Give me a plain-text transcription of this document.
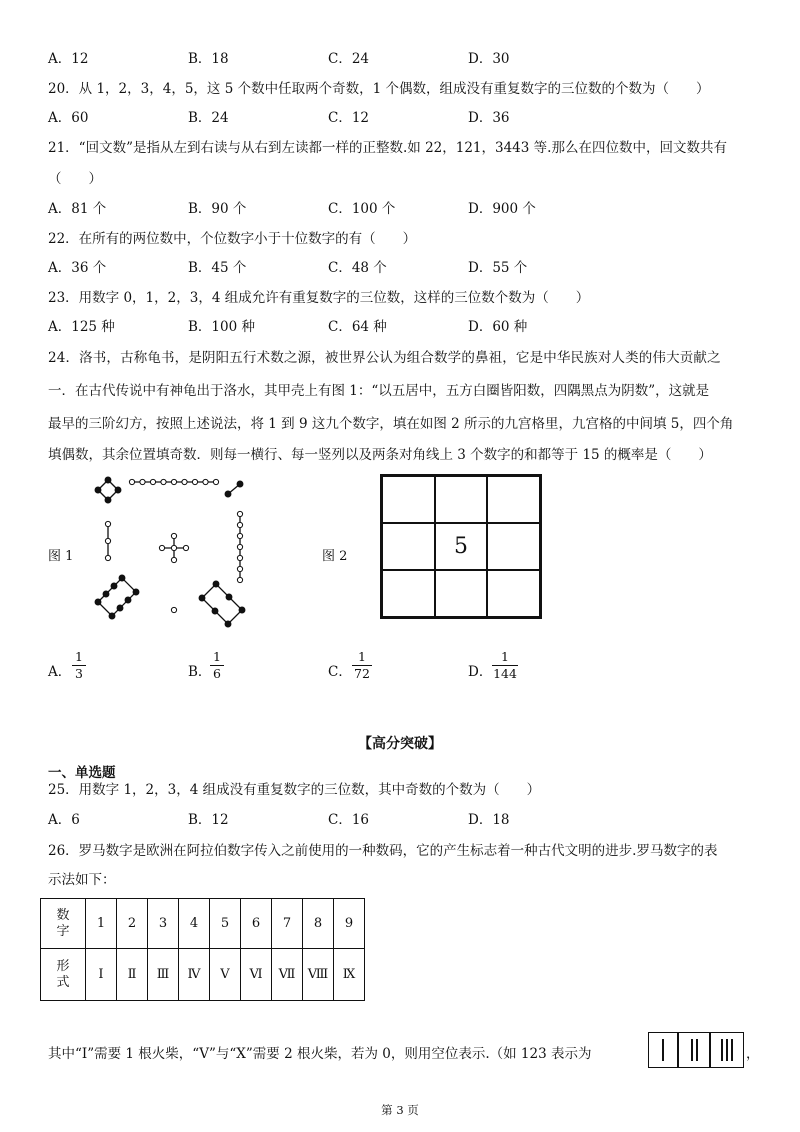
A．12	B．18	C．24	D．30
20．从 1，2，3，4，5，这 5 个数中任取两个奇数，1 个偶数，组成没有重复数字的三位数的个数为（　　）
A．60	B．24	C．12	D．36
21．“回文数”是指从左到右读与从右到左读都一样的正整数.如 22，121，3443 等.那么在四位数中，回文数共有
（　　）
A．81 个	B．90 个	C．100 个	D．900 个
22．在所有的两位数中，个位数字小于十位数字的有（　　）
A．36 个	B．45 个	C．48 个	D．55 个
23．用数字 0，1，2，3，4 组成允许有重复数字的三位数，这样的三位数个数为（　　）
A．125 种	B．100 种	C．64 种	D．60 种
24．洛书，古称龟书，是阴阳五行术数之源，被世界公认为组合数学的鼻祖，它是中华民族对人类的伟大贡献之
一．在古代传说中有神龟出于洛水，其甲壳上有图 1：“以五居中，五方白圈皆阳数，四隅黑点为阴数”，这就是
最早的三阶幻方，按照上述说法，将 1 到 9 这九个数字，填在如图 2 所示的九宫格里，九宫格的中间填 5，四个角
填偶数，其余位置填奇数．则每一横行、每一竖列以及两条对角线上 3 个数字的和都等于 15 的概率是（　　）
图 1	图 2	5
A．
1
3	B．
1
6	C．
1
72	D．
1
144
【高分突破】
一、单选题
25．用数字 1，2，3，4 组成没有重复数字的三位数，其中奇数的个数为（　　）
A．6	B．12	C．16	D．18
26．罗马数字是欧洲在阿拉伯数字传入之前使用的一种数码，它的产生标志着一种古代文明的进步.罗马数字的表
示法如下：
数
字	1	2	3	4	5	6	7	8	9

形
式	Ⅰ	Ⅱ	Ⅲ	Ⅳ	Ⅴ	Ⅵ	Ⅶ	Ⅷ	Ⅸ
其中“Ⅰ”需要 1 根火柴，“Ⅴ”与“Ⅹ”需要 2 根火柴，若为 0，则用空位表示.（如 123 表示为	，
第 3 页
